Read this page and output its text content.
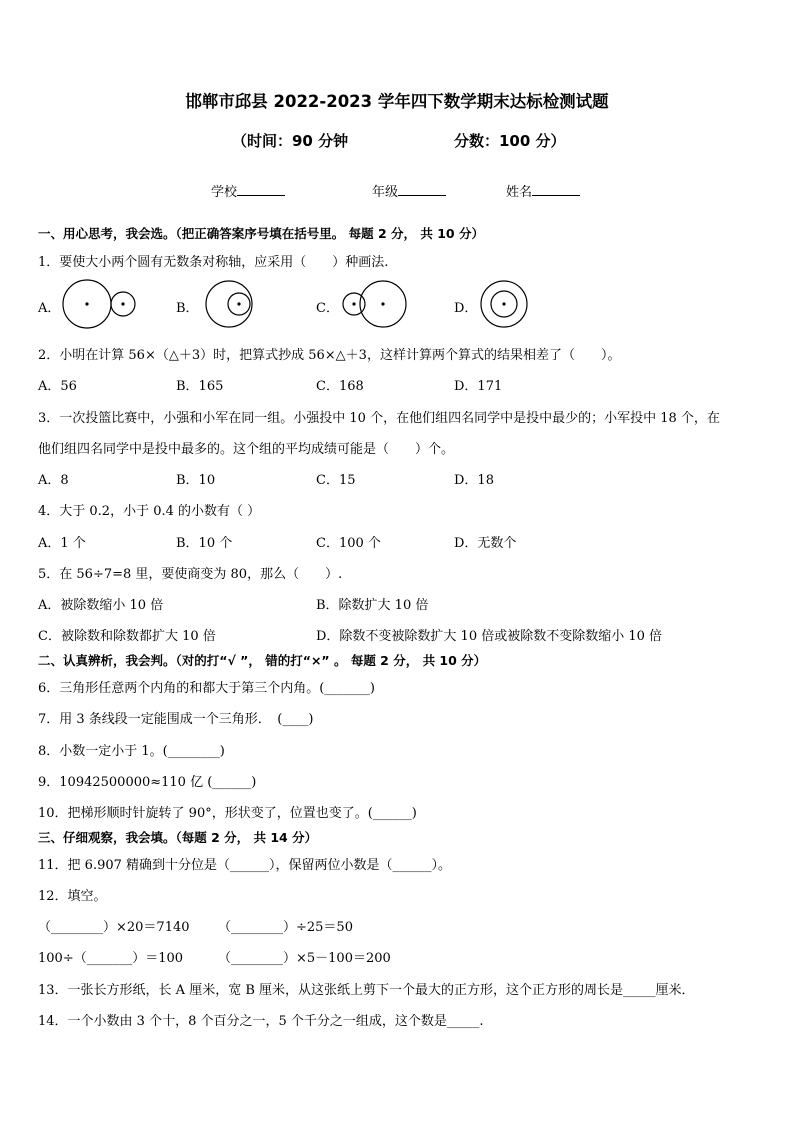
邯郸市邱县 2022-2023 学年四下数学期末达标检测试题
（时间：90 分钟	分数：100 分）
学校	年级	姓名
一、用心思考，我会选。（把正确答案序号填在括号里。 每题 2 分， 共 10 分）
1．要使大小两个圆有无数条对称轴，应采用（　　）种画法.
A．	B．	C．	D．
2．小明在计算 56×（△＋3）时，把算式抄成 56×△＋3，这样计算两个算式的结果相差了（　　）。
A．56	B．165	C．168	D．171
3．一次投篮比赛中，小强和小军在同一组。小强投中 10 个，在他们组四名同学中是投中最少的；小军投中 18 个，在
他们组四名同学中是投中最多的。这个组的平均成绩可能是（　　）个。
A．8	B．10	C．15	D．18
4．大于 0.2，小于 0.4 的小数有（ ）
A．1 个	B．10 个	C．100 个	D．无数个
5．在 56÷7=8 里，要使商变为 80，那么（　　）.
A．被除数缩小 10 倍	B．除数扩大 10 倍
C．被除数和除数都扩大 10 倍	D．除数不变被除数扩大 10 倍或被除数不变除数缩小 10 倍
二、认真辨析，我会判。（对的打“√ ”， 错的打“×” 。 每题 2 分， 共 10 分）
6．三角形任意两个内角的和都大于第三个内角。(_______)
7．用 3 条线段一定能围成一个三角形．　(____)
8．小数一定小于 1。(________)
9．10942500000≈110 亿 (______)
10．把梯形顺时针旋转了 90°，形状变了，位置也变了。(______)
三、仔细观察，我会填。（每题 2 分， 共 14 分）
11．把 6.907 精确到十分位是（______），保留两位小数是（______）。
12．填空。
（________）×20＝7140 （________）÷25＝50
100÷（_______）＝100	（________）×5－100＝200
13．一张长方形纸，长 A 厘米，宽 B 厘米，从这张纸上剪下一个最大的正方形，这个正方形的周长是_____厘米．
14．一个小数由 3 个十，8 个百分之一，5 个千分之一组成，这个数是_____.
